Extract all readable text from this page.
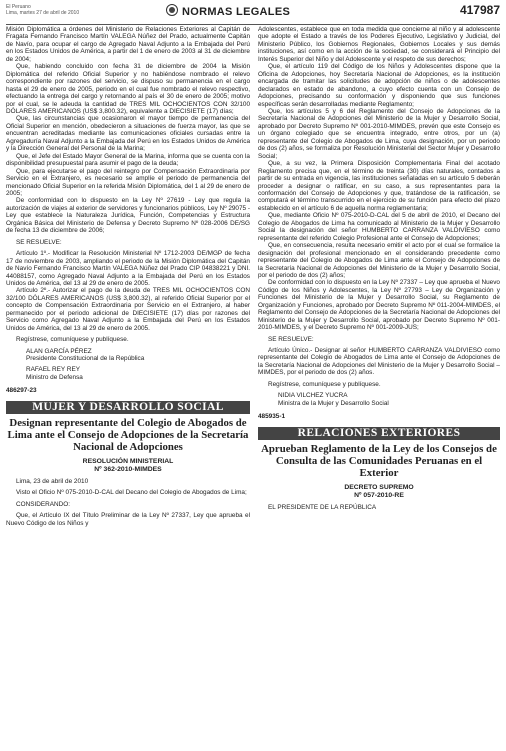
El Peruano
Lima, martes 27 de abril de 2010	NORMAS LEGALES	417987

Misión Diplomática a órdenes del Ministerio de Relaciones Exteriores al Capitán de Fragata Fernando Francisco Martín VALEGA Núñez del Prado, actualmente Capitán de Navío, para ocupar el cargo de Agregado Naval Adjunto a la Embajada del Perú en los Estados Unidos de América, a partir del 1 de enero de 2003 al 31 de diciembre de 2004;

Que, habiendo concluido con fecha 31 de diciembre de 2004 la Misión Diplomática del referido Oficial Superior y no habiéndose nombrado el relevo correspondiente por razones del servicio, se dispuso su permanencia en el cargo hasta el 29 de enero de 2005, periodo en el cual fue nombrado el relevo respectivo, efectuando la entrega del cargo y retornando al país el 30 de enero de 2005; motivo por el cual, se le adeuda la cantidad de TRES MIL OCHOCIENTOS CON 32/100 DÓLARES AMERICANOS (US$ 3,800.32), equivalente a DIECISIETE (17) días;

Que, las circunstancias que ocasionaron el mayor tiempo de permanencia del Oficial Superior en mención, obedecieron a situaciones de fuerza mayor, las que se encuentran acreditadas mediante las comunicaciones oficiales cursadas entre la Agregaduría Naval Adjunto a la Embajada del Perú en los Estados Unidos de América y la Dirección General del Personal de la Marina;

Que, el Jefe del Estado Mayor General de la Marina, informa que se cuenta con la disponibilidad presupuestal para asumir el pago de la deuda;

Que, para ejecutarse el pago del reintegro por Compensación Extraordinaria por Servicio en el Extranjero, es necesario se amplíe el periodo de permanencia del mencionado Oficial Superior en la referida Misión Diplomática, del 1 al 29 de enero de 2005;

De conformidad con lo dispuesto en la Ley Nº 27619 - Ley que regula la autorización de viajes al exterior de servidores y funcionarios públicos, Ley Nº 29075 - Ley que establece la Naturaleza Jurídica, Función, Competencias y Estructura Orgánica Básica del Ministerio de Defensa y Decreto Supremo Nº 028-2006 DE/SG de fecha 13 de diciembre de 2006;

SE RESUELVE:

Artículo 1º.- Modificar la Resolución Ministerial Nº 1712-2003 DE/MGP de fecha 17 de noviembre de 2003, ampliando el periodo de la Misión Diplomática del Capitán de Navío Fernando Francisco Martín VALEGA Núñez del Prado CIP 04838221 y DNI. 44088157, como Agregado Naval Adjunto a la Embajada del Perú en los Estados Unidos de América, del 13 al 29 de enero de 2005.

Artículo 2º.- Autorizar el pago de la deuda de TRES MIL OCHOCIENTOS CON 32/100 DÓLARES AMERICANOS (US$ 3,800.32), al referido Oficial Superior por el concepto de Compensación Extraordinaria por Servicio en el Extranjero, al haber permanecido por el periodo adicional de DIECISIETE (17) días por razones del Servicio como Agregado Naval Adjunto a la Embajada del Perú en los Estados Unidos de América, del 13 al 29 de enero de 2005.

Regístrese, comuníquese y publíquese.

ALAN GARCÍA PÉREZ

Presidente Constitucional de la República

RAFAEL REY REY

Ministro de Defensa

486297-23

MUJER Y DESARROLLO SOCIAL
Designan representante del Colegio de Abogados de Lima ante el Consejo de Adopciones de la Secretaría Nacional de Adopciones
RESOLUCIÓN MINISTERIAL
Nº 362-2010-MIMDES

Lima, 23 de abril de 2010

Visto el Oficio Nº 075-2010-D-CAL del Decano del Colegio de Abogados de Lima;

CONSIDERANDO:

Que, el Artículo IX del Título Preliminar de la Ley Nº 27337, Ley que aprueba el Nuevo Código de los Niños y

Adolescentes, establece que en toda medida que concierne al niño y al adolescente que adopte el Estado a través de los Poderes Ejecutivo, Legislativo y Judicial, del Ministerio Público, los Gobiernos Regionales, Gobiernos Locales y sus demás instituciones, así como en la acción de la sociedad, se considerará el Principio del Interés Superior del Niño y del Adolescente y el respeto de sus derechos;

Que, el artículo 119 del Código de los Niños y Adolescentes dispone que la Oficina de Adopciones, hoy Secretaría Nacional de Adopciones, es la institución encargada de tramitar las solicitudes de adopción de niños o de adolescentes declarados en estado de abandono, a cuyo efecto cuenta con un Consejo de Adopciones, precisando su conformación y disponiendo que sus funciones específicas serán desarrolladas mediante Reglamento;

Que, los artículos 5 y 6 del Reglamento del Consejo de Adopciones de la Secretaría Nacional de Adopciones del Ministerio de la Mujer y Desarrollo Social, aprobado por Decreto Supremo Nº 001-2010-MIMDES, prevén que este Consejo es un órgano colegiado que se encuentra integrado, entre otros, por un (a) representante del Colegio de Abogados de Lima, cuya designación, por un periodo de dos (2) años, se formaliza por Resolución Ministerial del Sector Mujer y Desarrollo Social;

Que, a su vez, la Primera Disposición Complementaria Final del acotado Reglamento precisa que, en el término de treinta (30) días naturales, contados a partir de su entrada en vigencia, las instituciones señaladas en su artículo 5 deberán proceder a designar o ratificar, en su caso, a sus representantes para la conformación del Consejo de Adopciones y que, tratándose de la ratificación, se computará el término transcurrido en el ejercicio de su función para efecto del plazo establecido en el artículo 6 de aquella norma reglamentaria;

Que, mediante Oficio Nº 075-2010-D-CAL del 5 de abril de 2010, el Decano del Colegio de Abogados de Lima ha comunicado al Ministerio de la Mujer y Desarrollo Social la designación del señor HUMBERTO CARRANZA VALDIVIESO como representante del referido Colegio Profesional ante el Consejo de Adopciones;

Que, en consecuencia, resulta necesario emitir el acto por el cual se formalice la designación del profesional mencionado en el considerando precedente como representante del Colegio de Abogados de Lima ante el Consejo de Adopciones de la Secretaría Nacional de Adopciones del Ministerio de la Mujer y Desarrollo Social, por el periodo de dos (2) años;

De conformidad con lo dispuesto en la Ley Nº 27337 – Ley que aprueba el Nuevo Código de los Niños y Adolescentes, la Ley Nº 27793 – Ley de Organización y Funciones del Ministerio de la Mujer y Desarrollo Social, su Reglamento de Organización y Funciones, aprobado por Decreto Supremo Nº 011-2004-MIMDES, el Reglamento del Consejo de Adopciones de la Secretaría Nacional de Adopciones del Ministerio de la Mujer y Desarrollo Social, aprobado por Decreto Supremo Nº 001-2010-MIMDES, y el Decreto Supremo Nº 001-2009-JUS;

SE RESUELVE:

Artículo Único.- Designar al señor HUMBERTO CARRANZA VALDIVIESO como representante del Colegio de Abogados de Lima ante el Consejo de Adopciones de la Secretaría Nacional de Adopciones del Ministerio de la Mujer y Desarrollo Social – MIMDES, por el periodo de dos (2) años.

Regístrese, comuníquese y publíquese.

NIDIA VILCHEZ YUCRA

Ministra de la Mujer y Desarrollo Social

485935-1

RELACIONES EXTERIORES
Aprueban Reglamento de la Ley de los Consejos de Consulta de las Comunidades Peruanas en el Exterior
DECRETO SUPREMO
Nº 057-2010-RE

EL PRESIDENTE DE LA REPÚBLICA
